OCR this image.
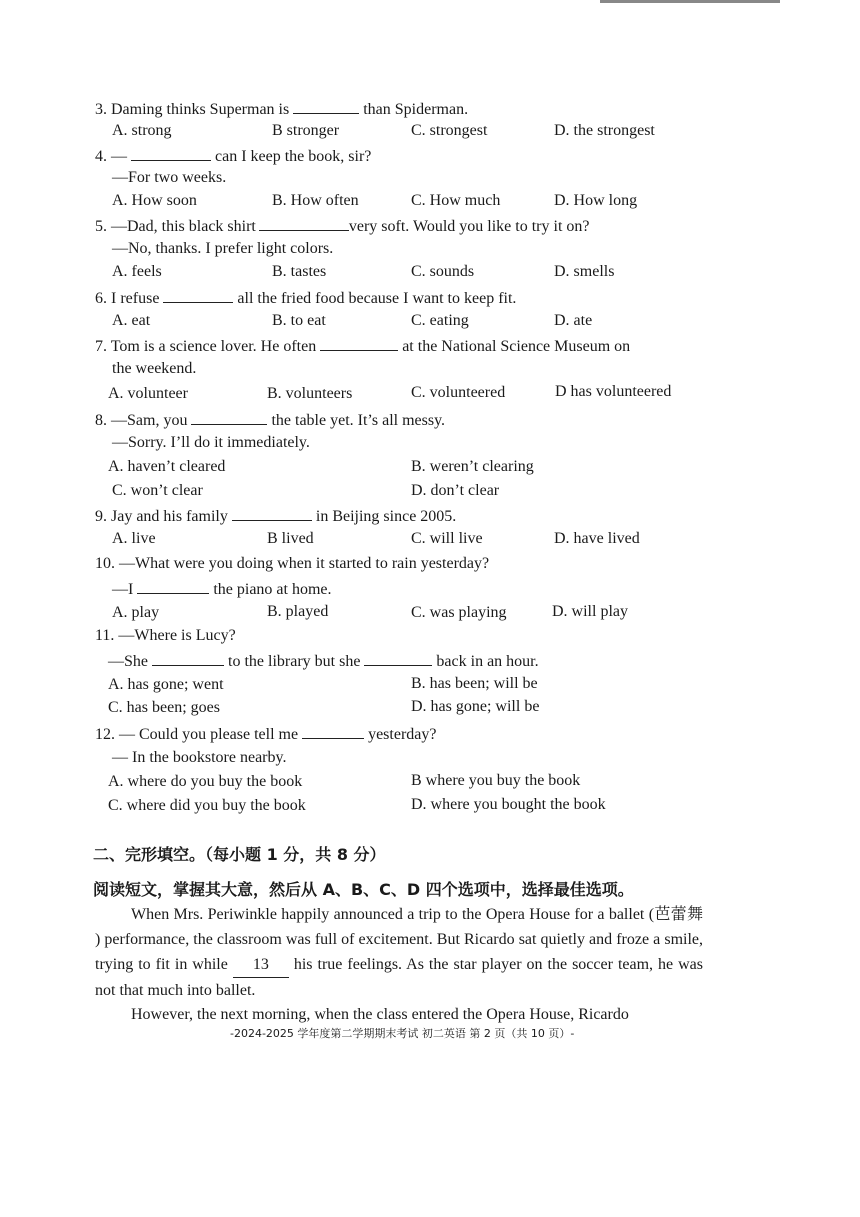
3. Daming thinks Superman is	than Spiderman.
A. strong	B stronger	C. strongest	D. the strongest
4. —	can I keep the book, sir?
—For two weeks.
A. How soon	B. How often	C. How much	D. How long
5. —Dad, this black shirt	very soft. Would you like to try it on?
—No, thanks. I prefer light colors.
A. feels	B. tastes	C. sounds	D. smells
6. I refuse	all the fried food because I want to keep fit.
A. eat	B. to eat	C. eating	D. ate
7. Tom is a science lover. He often	at the National Science Museum on
the weekend.
A. volunteer	B. volunteers	C. volunteered	D has volunteered
8. —Sam, you	the table yet. It’s all messy.
—Sorry. I’ll do it immediately.
A. haven’t cleared	B. weren’t clearing
C. won’t clear	D. don’t clear
9. Jay and his family	in Beijing since 2005.
A. live	B lived	C. will live	D. have lived
10. —What were you doing when it started to rain yesterday?
—I	the piano at home.
A. play	B. played	C. was playing	D. will play
11. —Where is Lucy?
—She	to the library but she	back in an hour.
A. has gone; went	B. has been; will be
C. has been; goes	D. has gone; will be
12. — Could you please tell me	yesterday?
— In the bookstore nearby.
A. where do you buy the book	B where you buy the book
C. where did you buy the book	D. where you bought the book
二、完形填空。（每小题 1 分，共 8 分）
阅读短文，掌握其大意，然后从 A、B、C、D 四个选项中，选择最佳选项。
When Mrs. Periwinkle happily announced a trip to the Opera House for a ballet (芭蕾舞 ) performance, the classroom was full of excitement. But Ricardo sat quietly and froze a smile, trying to fit in while 13 his true feelings. As the star player on the soccer team, he was not that much into ballet.
However, the next morning, when the class entered the Opera House, Ricardo
-2024-2025 学年度第二学期期末考试 初二英语 第 2 页（共 10 页）-
